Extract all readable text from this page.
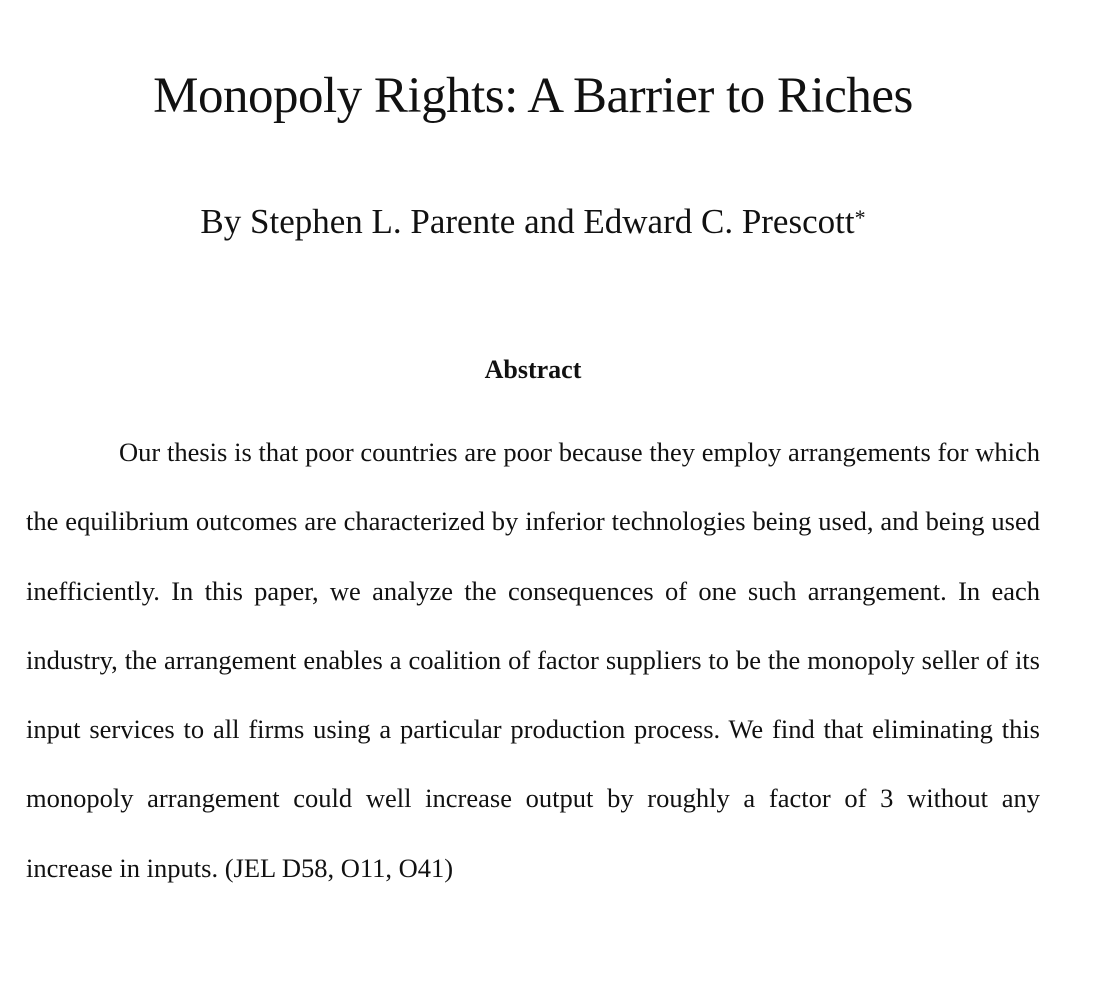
Monopoly Rights: A Barrier to Riches
By Stephen L. Parente and Edward C. Prescott*
Abstract

Our thesis is that poor countries are poor because they employ arrangements for which the equilibrium outcomes are characterized by inferior technologies being used, and being used inefficiently. In this paper, we analyze the consequences of one such arrangement. In each industry, the arrangement enables a coalition of factor suppliers to be the monopoly seller of its input services to all firms using a particular production process. We find that eliminating this monopoly arrangement could well increase output by roughly a factor of 3 without any increase in inputs. (JEL D58, O11, O41)
